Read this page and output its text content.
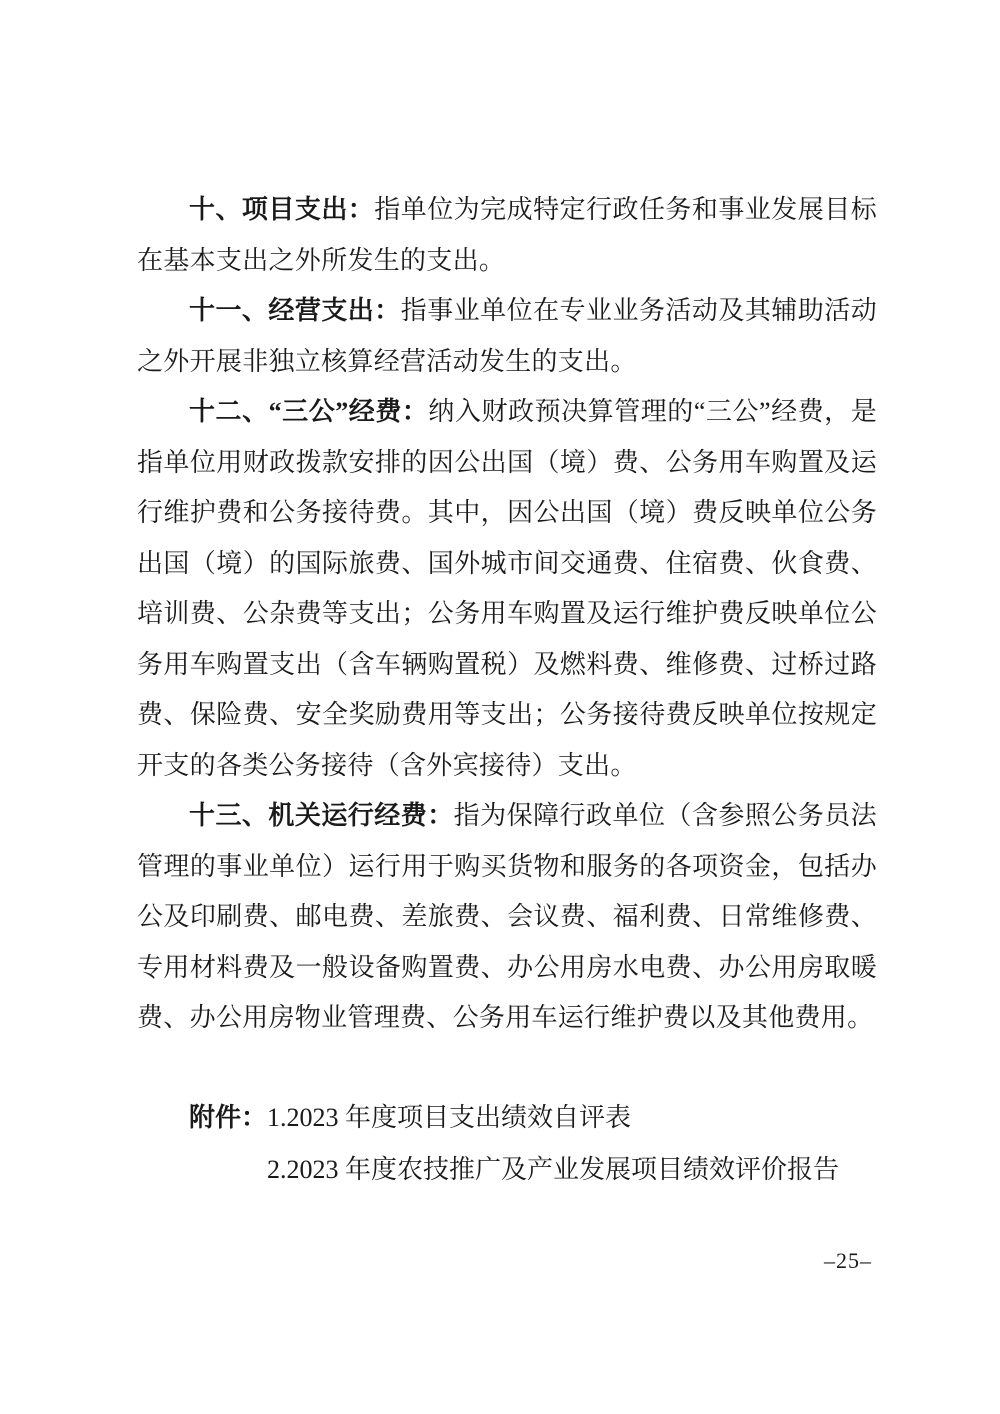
十、项目支出：指单位为完成特定行政任务和事业发展目标在基本支出之外所发生的支出。

十一、经营支出：指事业单位在专业业务活动及其辅助活动之外开展非独立核算经营活动发生的支出。

十二、“三公”经费：纳入财政预决算管理的“三公”经费，是指单位用财政拨款安排的因公出国（境）费、公务用车购置及运行维护费和公务接待费。其中，因公出国（境）费反映单位公务出国（境）的国际旅费、国外城市间交通费、住宿费、伙食费、培训费、公杂费等支出；公务用车购置及运行维护费反映单位公务用车购置支出（含车辆购置税）及燃料费、维修费、过桥过路费、保险费、安全奖励费用等支出；公务接待费反映单位按规定开支的各类公务接待（含外宾接待）支出。

十三、机关运行经费：指为保障行政单位（含参照公务员法管理的事业单位）运行用于购买货物和服务的各项资金，包括办公及印刷费、邮电费、差旅费、会议费、福利费、日常维修费、专用材料费及一般设备购置费、办公用房水电费、办公用房取暖费、办公用房物业管理费、公务用车运行维护费以及其他费用。

附件： 1.2023 年度项目支出绩效自评表
2.2023 年度农技推广及产业发展项目绩效评价报告
–25–
